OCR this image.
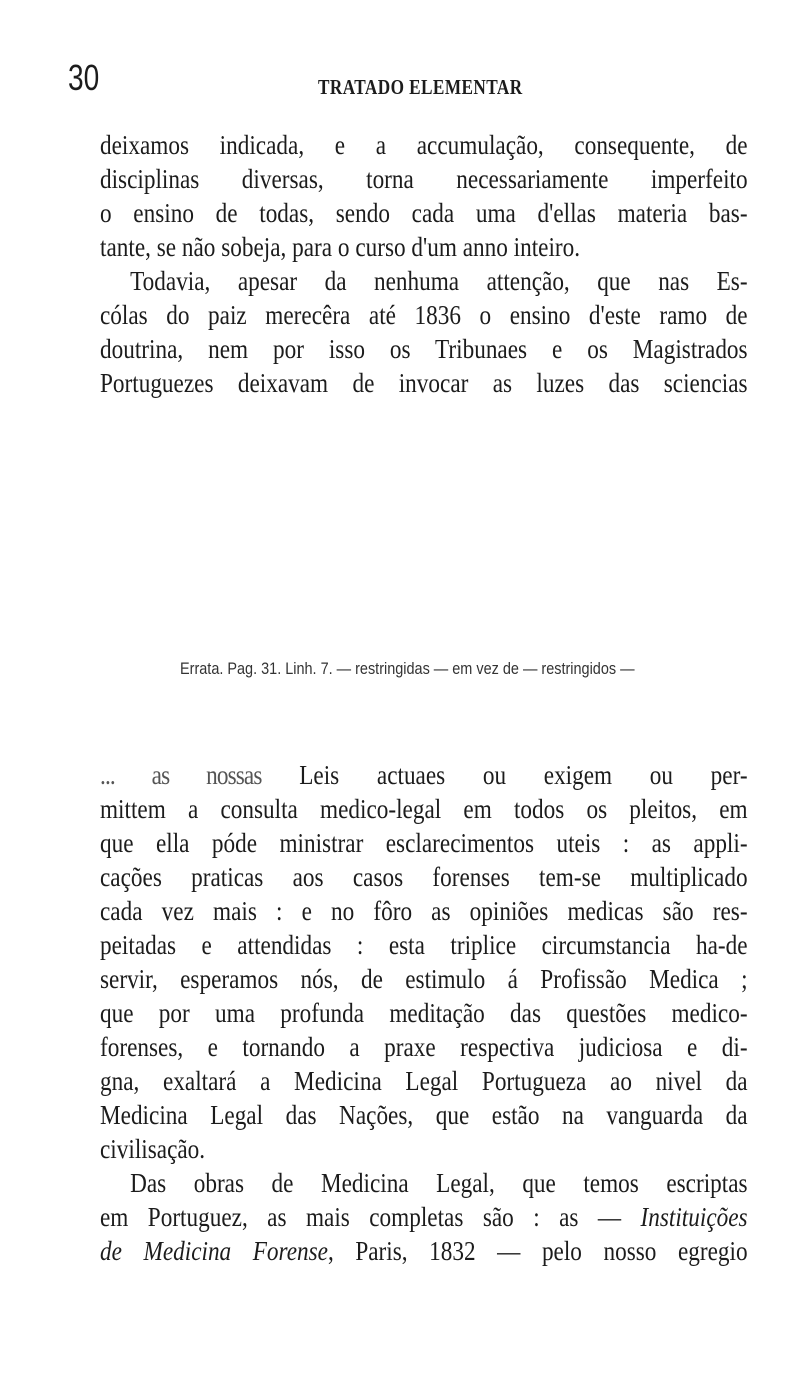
30	TRATADO ELEMENTAR
deixamos indicada, e a accumulação, consequente, de
disciplinas diversas, torna necessariamente imperfeito
o ensino de todas, sendo cada uma d'ellas materia bas-
tante, se não sobeja, para o curso d'um anno inteiro.
Todavia, apesar da nenhuma attenção, que nas Es-
cólas do paiz merecêra até 1836 o ensino d'este ramo de
doutrina, nem por isso os Tribunaes e os Magistrados
Portuguezes deixavam de invocar as luzes das sciencias
Errata. Pag. 31. Linh. 7. — restringidas — em vez de — restringidos —
... as nossas Leis actuaes ou exigem ou per-
mittem a consulta medico-legal em todos os pleitos, em
que ella póde ministrar esclarecimentos uteis : as appli-
cações praticas aos casos forenses tem-se multiplicado
cada vez mais : e no fôro as opiniões medicas são res-
peitadas e attendidas : esta triplice circumstancia ha-de
servir, esperamos nós, de estimulo á Profissão Medica ;
que por uma profunda meditação das questões medico-
forenses, e tornando a praxe respectiva judiciosa e di-
gna, exaltará a Medicina Legal Portugueza ao nivel da
Medicina Legal das Nações, que estão na vanguarda da
civilisação.
Das obras de Medicina Legal, que temos escriptas
em Portuguez, as mais completas são : as — Instituições
de Medicina Forense, Paris, 1832 — pelo nosso egregio
